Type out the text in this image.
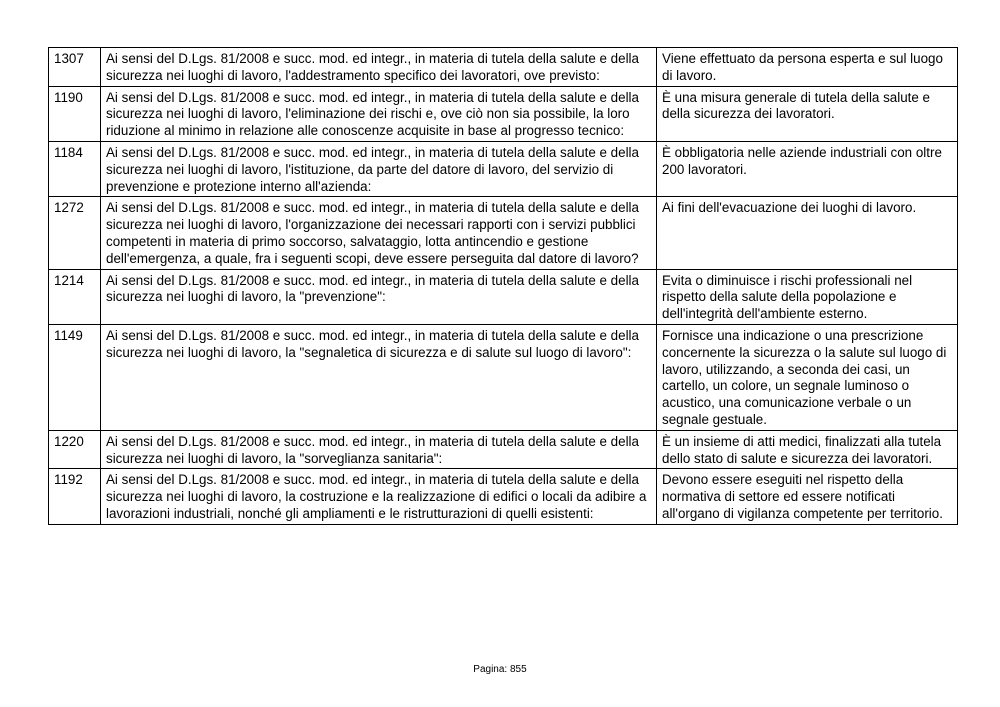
1307	Ai sensi del D.Lgs. 81/2008 e succ. mod. ed integr., in materia di tutela della salute e della sicurezza nei luoghi di lavoro, l'addestramento specifico dei lavoratori, ove previsto:	Viene effettuato da persona esperta e sul luogo di lavoro.
1190	Ai sensi del D.Lgs. 81/2008 e succ. mod. ed integr., in materia di tutela della salute e della sicurezza nei luoghi di lavoro, l'eliminazione dei rischi e, ove ciò non sia possibile, la loro riduzione al minimo in relazione alle conoscenze acquisite in base al progresso tecnico:	È una misura generale di tutela della salute e della sicurezza dei lavoratori.
1184	Ai sensi del D.Lgs. 81/2008 e succ. mod. ed integr., in materia di tutela della salute e della sicurezza nei luoghi di lavoro, l'istituzione, da parte del datore di lavoro, del servizio di prevenzione e protezione interno all'azienda:	È obbligatoria nelle aziende industriali con oltre 200 lavoratori.
1272	Ai sensi del D.Lgs. 81/2008 e succ. mod. ed integr., in materia di tutela della salute e della sicurezza nei luoghi di lavoro, l'organizzazione dei necessari rapporti con i servizi pubblici competenti in materia di primo soccorso, salvataggio, lotta antincendio e gestione dell'emergenza, a quale, fra i seguenti scopi, deve essere perseguita dal datore di lavoro?	Ai fini dell'evacuazione dei luoghi di lavoro.
1214	Ai sensi del D.Lgs. 81/2008 e succ. mod. ed integr., in materia di tutela della salute e della sicurezza nei luoghi di lavoro, la "prevenzione":	Evita o diminuisce i rischi professionali nel rispetto della salute della popolazione e dell'integrità dell'ambiente esterno.
1149	Ai sensi del D.Lgs. 81/2008 e succ. mod. ed integr., in materia di tutela della salute e della sicurezza nei luoghi di lavoro, la "segnaletica di sicurezza e di salute sul luogo di lavoro":	Fornisce una indicazione o una prescrizione concernente la sicurezza o la salute sul luogo di lavoro, utilizzando, a seconda dei casi, un cartello, un colore, un segnale luminoso o acustico, una comunicazione verbale o un segnale gestuale.
1220	Ai sensi del D.Lgs. 81/2008 e succ. mod. ed integr., in materia di tutela della salute e della sicurezza nei luoghi di lavoro, la "sorveglianza sanitaria":	È un insieme di atti medici, finalizzati alla tutela dello stato di salute e sicurezza dei lavoratori.
1192	Ai sensi del D.Lgs. 81/2008 e succ. mod. ed integr., in materia di tutela della salute e della sicurezza nei luoghi di lavoro, la costruzione e la realizzazione di edifici o locali da adibire a lavorazioni industriali, nonché gli ampliamenti e le ristrutturazioni di quelli esistenti:	Devono essere eseguiti nel rispetto della normativa di settore ed essere notificati all'organo di vigilanza competente per territorio.
Pagina: 855
